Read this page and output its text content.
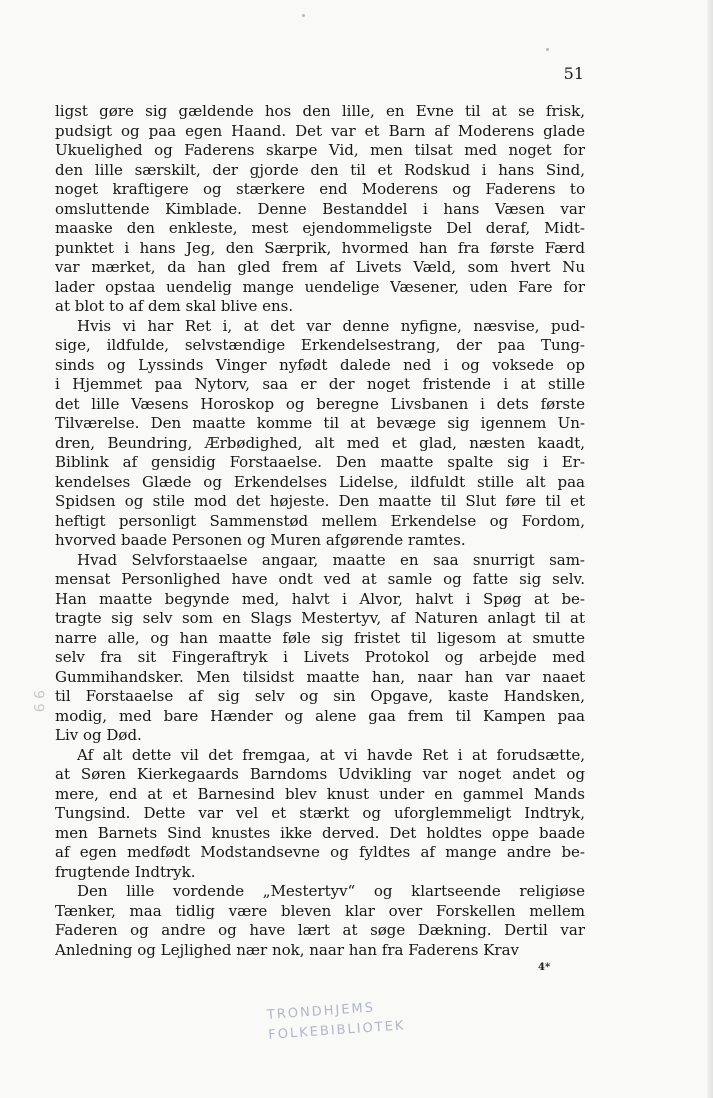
51

ligst gøre sig gældende hos den lille, en Evne til at se frisk,
pudsigt og paa egen Haand. Det var et Barn af Moderens glade
Ukuelighed og Faderens skarpe Vid, men tilsat med noget for
den lille særskilt, der gjorde den til et Rodskud i hans Sind,
noget kraftigere og stærkere end Moderens og Faderens to
omsluttende Kimblade. Denne Bestanddel i hans Væsen var
maaske den enkleste, mest ejendommeligste Del deraf, Midt-
punktet i hans Jeg, den Særprik, hvormed han fra første Færd
var mærket, da han gled frem af Livets Væld, som hvert Nu
lader opstaa uendelig mange uendelige Væsener, uden Fare for
at blot to af dem skal blive ens.
Hvis vi har Ret i, at det var denne nyfigne, næsvise, pud-
sige, ildfulde, selvstændige Erkendelsestrang, der paa Tung-
sinds og Lyssinds Vinger nyfødt dalede ned i og voksede op
i Hjemmet paa Nytorv, saa er der noget fristende i at stille
det lille Væsens Horoskop og beregne Livsbanen i dets første
Tilværelse. Den maatte komme til at bevæge sig igennem Un-
dren, Beundring, Ærbødighed, alt med et glad, næsten kaadt,
Biblink af gensidig Forstaaelse. Den maatte spalte sig i Er-
kendelses Glæde og Erkendelses Lidelse, ildfuldt stille alt paa
Spidsen og stile mod det højeste. Den maatte til Slut føre til et
heftigt personligt Sammenstød mellem Erkendelse og Fordom,
hvorved baade Personen og Muren afgørende ramtes.
Hvad Selvforstaaelse angaar, maatte en saa snurrigt sam-
mensat Personlighed have ondt ved at samle og fatte sig selv.
Han maatte begynde med, halvt i Alvor, halvt i Spøg at be-
tragte sig selv som en Slags Mestertyv, af Naturen anlagt til at
narre alle, og han maatte føle sig fristet til ligesom at smutte
selv fra sit Fingeraftryk i Livets Protokol og arbejde med
Gummihandsker. Men tilsidst maatte han, naar han var naaet
til Forstaaelse af sig selv og sin Opgave, kaste Handsken,
modig, med bare Hænder og alene gaa frem til Kampen paa
Liv og Død.
Af alt dette vil det fremgaa, at vi havde Ret i at forudsætte,
at Søren Kierkegaards Barndoms Udvikling var noget andet og
mere, end at et Barnesind blev knust under en gammel Mands
Tungsind. Dette var vel et stærkt og uforglemmeligt Indtryk,
men Barnets Sind knustes ikke derved. Det holdtes oppe baade
af egen medfødt Modstandsevne og fyldtes af mange andre be-
frugtende Indtryk.
Den lille vordende „Mestertyv“ og klartseende religiøse
Tænker, maa tidlig være bleven klar over Forskellen mellem
Faderen og andre og have lært at søge Dækning. Dertil var
Anledning og Lejlighed nær nok, naar han fra Faderens Krav
4*
9 9
TRONDHJEMS
FOLKEBIBLIOTEK
